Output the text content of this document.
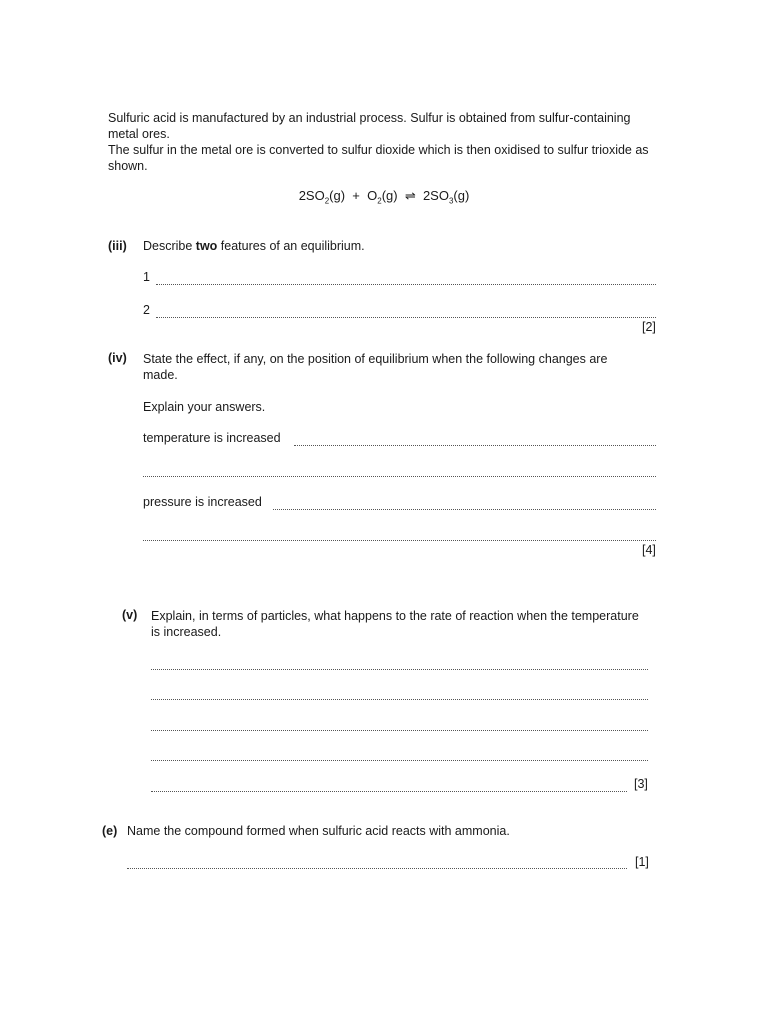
Sulfuric acid is manufactured by an industrial process. Sulfur is obtained from sulfur-containing
metal ores.
The sulfur in the metal ore is converted to sulfur dioxide which is then oxidised to sulfur trioxide as
shown.
$2SO_2(g) + O_2(g)$ ⇌ $2SO_3(g)$
(iii) Describe two features of an equilibrium.
1
2
[2]
(iv) State the effect, if any, on the position of equilibrium when the following changes are
made.
Explain your answers.
temperature is increased
pressure is increased
[4]
(v) Explain, in terms of particles, what happens to the rate of reaction when the temperature
is increased.
[3]
(e) Name the compound formed when sulfuric acid reacts with ammonia.
[1]
